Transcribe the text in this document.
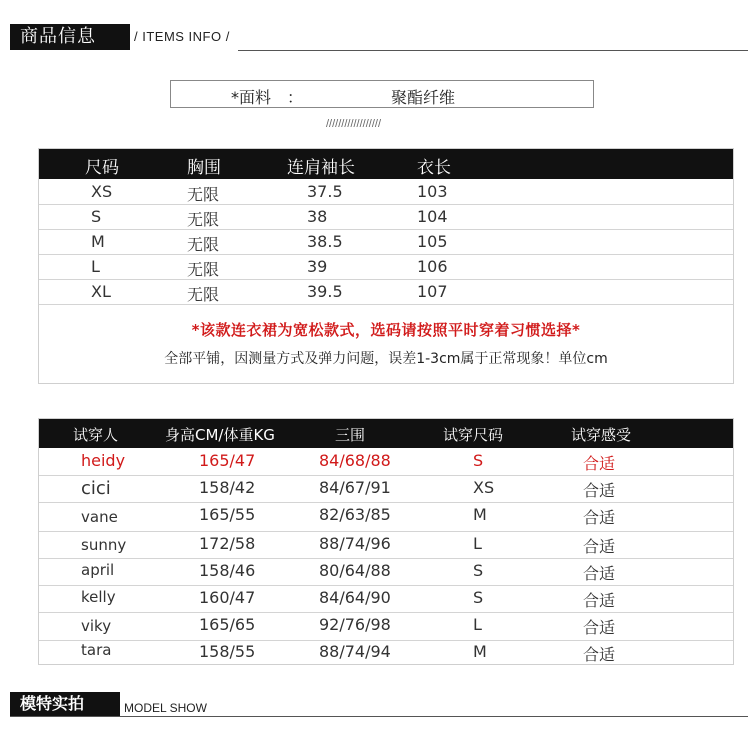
商品信息	/ ITEMS INFO /
*面料 ：	聚酯纤维
//////////////////
尺码	胸围	连肩袖长	衣长
XS	无限	37.5	103
S	无限	38	104
M	无限	38.5	105
L	无限	39	106
XL	无限	39.5	107
*该款连衣裙为宽松款式，选码请按照平时穿着习惯选择*
全部平铺，因测量方式及弹力问题，误差1-3cm属于正常现象！单位cm
试穿人	身高CM/体重KG	三围	试穿尺码	试穿感受
heidy	165/47	84/68/88	S	合适
cici	158/42	84/67/91	XS	合适
vane	165/55	82/63/85	M	合适
sunny	172/58	88/74/96	L	合适
april	158/46	80/64/88	S	合适
kelly	160/47	84/64/90	S	合适
viky	165/65	92/76/98	L	合适
tara	158/55	88/74/94	M	合适
模特实拍	MODEL SHOW
